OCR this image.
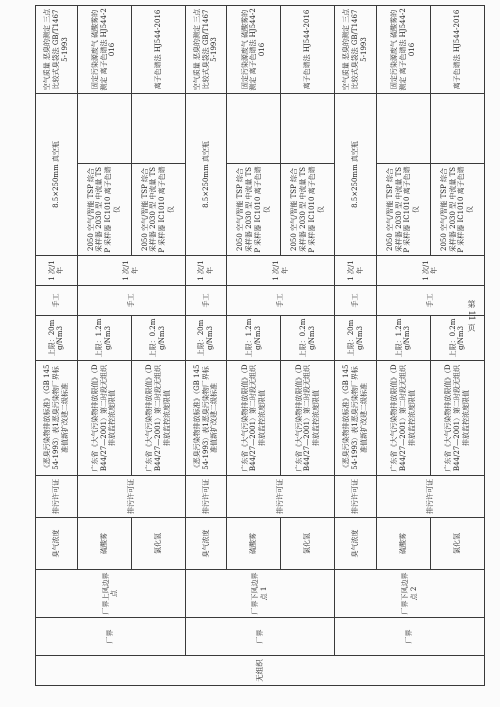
无组织	厂界	厂界上风边界点	臭气浓度	排污许可证	《恶臭污染物排放标准》（GB 14554-1993）表1恶臭污染物厂界标准值新扩改建二级标准	上限：20mg/Nm3	手工	1 次/1 年	8.5×250mm 真空瓶		空气质量 恶臭的测定 三点比较式臭袋法 GB/T14675-1993
			硫酸雾	排污许可证	广东省《大气污染物排放限值》（DB44/27—2001）第二时段无组织排放监控浓度限值	上限：1.2mg/Nm3	手工	1 次/1 年	2050 空气/智能 TSP 综合采样器 2030 型 中流量 TSP 采样器 IC1010 离子色谱仪		固定污染源废气 硫酸雾的测定 离子色谱法 HJ544-2016
			氯化氢		广东省《大气污染物排放限值》（DB44/27—2001）第二时段无组织排放监控浓度限值	上限：0.2mg/Nm3			2050 空气/智能 TSP 综合采样器 2030 型 中流量 TSP 采样器 IC1010 离子色谱仪		离子色谱法 HJ544-2016
	厂界	厂界下风边界点 1	臭气浓度	排污许可证	《恶臭污染物排放标准》（GB 14554-1993）表1恶臭污染物厂界标准值新扩改建二级标准	上限：20mg/Nm3	手工	1 次/1 年	8.5×250mm 真空瓶		空气质量 恶臭的测定 三点比较式臭袋法 GB/T14675-1993
			硫酸雾	排污许可证	广东省《大气污染物排放限值》（DB44/27—2001）第二时段无组织排放监控浓度限值	上限：1.2mg/Nm3	手工	1 次/1 年	2050 空气/智能 TSP 综合采样器 2030 型 中流量 TSP 采样器 IC1010 离子色谱仪		固定污染源废气 硫酸雾的测定 离子色谱法 HJ544-2016
			氯化氢		广东省《大气污染物排放限值》（DB44/27—2001）第二时段无组织排放监控浓度限值	上限：0.2mg/Nm3			2050 空气/智能 TSP 综合采样器 2030 型 中流量 TSP 采样器 IC1010 离子色谱仪		离子色谱法 HJ544-2016
	厂界	厂界下风边界点 2	臭气浓度	排污许可证	《恶臭污染物排放标准》（GB 14554-1993）表1恶臭污染物厂界标准值新扩改建二级标准	上限：20mg/Nm3	手工	1 次/1 年	8.5×250mm 真空瓶		空气质量 恶臭的测定 三点比较式臭袋法 GB/T14675-1993
			硫酸雾	排污许可证	广东省《大气污染物排放限值》（DB44/27—2001）第二时段无组织排放监控浓度限值	上限：1.2mg/Nm3	手工	1 次/1 年	2050 空气/智能 TSP 综合采样器 2030 型 中流量 TSP 采样器 IC1010 离子色谱仪		固定污染源废气 硫酸雾的测定 离子色谱法 HJ544-2016
			氯化氢		广东省《大气污染物排放限值》（DB44/27—2001）第二时段无组织排放监控浓度限值	上限：0.2mg/Nm3			2050 空气/智能 TSP 综合采样器 2030 型 中流量 TSP 采样器 IC1010 离子色谱仪		离子色谱法 HJ544-2016
第 11 页
